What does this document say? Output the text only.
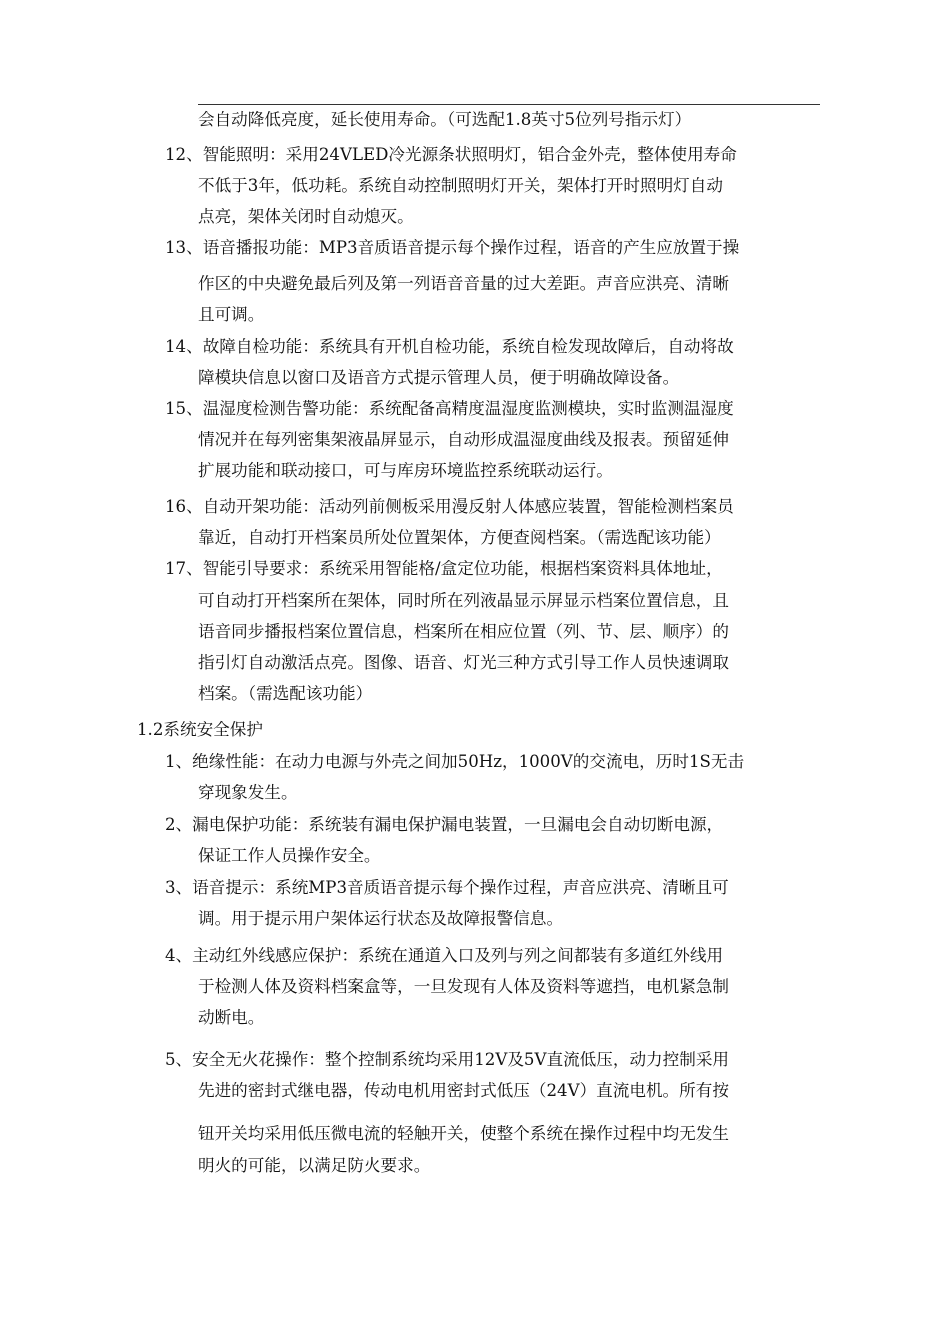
会自动降低亮度，延长使用寿命。（可选配1.8英寸5位列号指示灯）
12、智能照明：采用24VLED冷光源条状照明灯，铝合金外壳，整体使用寿命
不低于3年，低功耗。系统自动控制照明灯开关，架体打开时照明灯自动
点亮，架体关闭时自动熄灭。
13、语音播报功能：MP3音质语音提示每个操作过程，语音的产生应放置于操
作区的中央避免最后列及第一列语音音量的过大差距。声音应洪亮、清晰
且可调。
14、故障自检功能：系统具有开机自检功能，系统自检发现故障后，自动将故
障模块信息以窗口及语音方式提示管理人员，便于明确故障设备。
15、温湿度检测告警功能：系统配备高精度温湿度监测模块，实时监测温湿度
情况并在每列密集架液晶屏显示，自动形成温湿度曲线及报表。预留延伸
扩展功能和联动接口，可与库房环境监控系统联动运行。
16、自动开架功能：活动列前侧板采用漫反射人体感应装置，智能检测档案员
靠近，自动打开档案员所处位置架体，方便查阅档案。（需选配该功能）
17、智能引导要求：系统采用智能格/盒定位功能，根据档案资料具体地址，
可自动打开档案所在架体，同时所在列液晶显示屏显示档案位置信息，且
语音同步播报档案位置信息，档案所在相应位置（列、节、层、顺序）的
指引灯自动激活点亮。图像、语音、灯光三种方式引导工作人员快速调取
档案。（需选配该功能）
1.2系统安全保护
1、绝缘性能：在动力电源与外壳之间加50Hz，1000V的交流电，历时1S无击
穿现象发生。
2、漏电保护功能：系统装有漏电保护漏电装置，一旦漏电会自动切断电源，
保证工作人员操作安全。
3、语音提示：系统MP3音质语音提示每个操作过程，声音应洪亮、清晰且可
调。用于提示用户架体运行状态及故障报警信息。
4、主动红外线感应保护：系统在通道入口及列与列之间都装有多道红外线用
于检测人体及资料档案盒等，一旦发现有人体及资料等遮挡，电机紧急制
动断电。
5、安全无火花操作：整个控制系统均采用12V及5V直流低压，动力控制采用
先进的密封式继电器，传动电机用密封式低压（24V）直流电机。所有按
钮开关均采用低压微电流的轻触开关，使整个系统在操作过程中均无发生
明火的可能，以满足防火要求。
